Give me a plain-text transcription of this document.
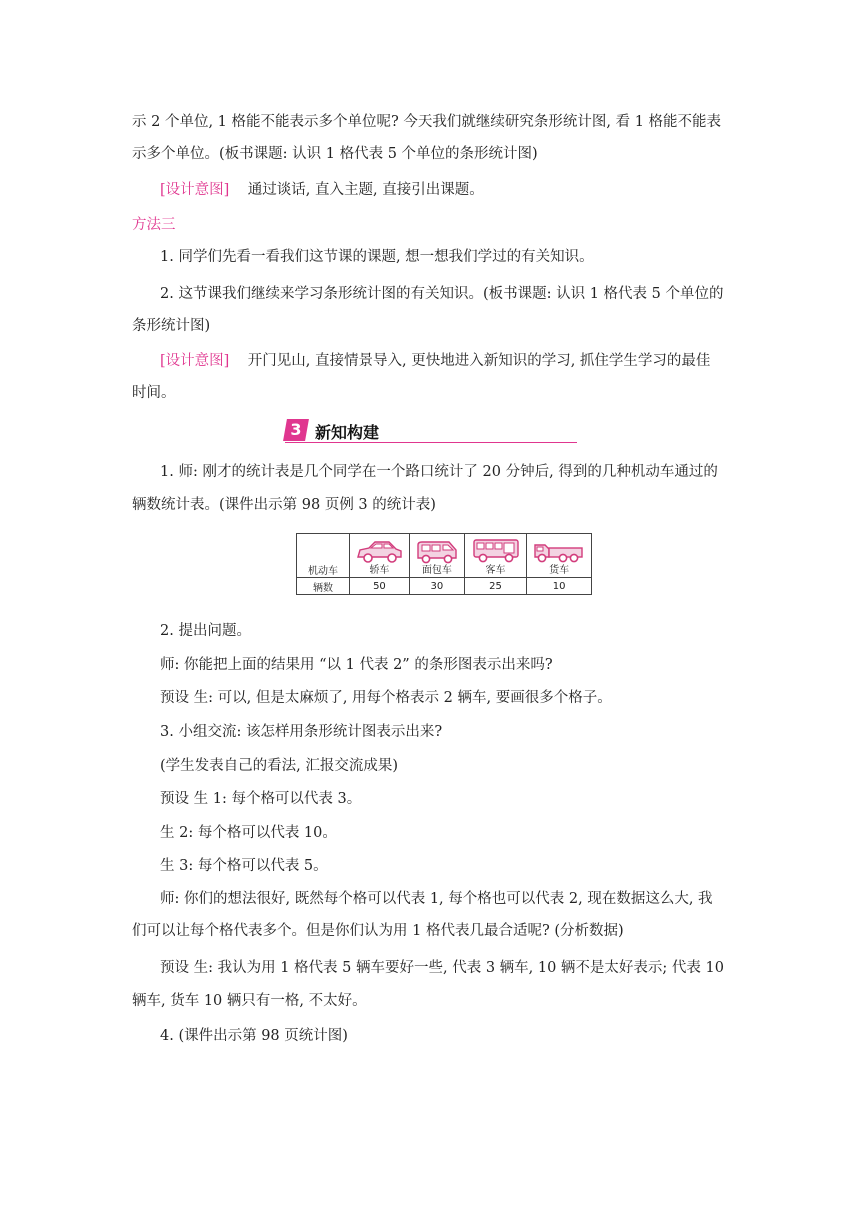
示 2 个单位, 1 格能不能表示多个单位呢? 今天我们就继续研究条形统计图, 看 1 格能不能表
示多个单位。(板书课题: 认识 1 格代表 5 个单位的条形统计图)
[设计意图] 通过谈话, 直入主题, 直接引出课题。
方法三
1. 同学们先看一看我们这节课的课题, 想一想我们学过的有关知识。
2. 这节课我们继续来学习条形统计图的有关知识。(板书课题: 认识 1 格代表 5 个单位的
条形统计图)
[设计意图] 开门见山, 直接情景导入, 更快地进入新知识的学习, 抓住学生学习的最佳
时间。
3 新知构建
1. 师: 刚才的统计表是几个同学在一个路口统计了 20 分钟后, 得到的几种机动车通过的
辆数统计表。(课件出示第 98 页例 3 的统计表)
机动车	轿车	面包车	客车	货车

辆数	50	30	25	10
2. 提出问题。
师: 你能把上面的结果用 “以 1 代表 2” 的条形图表示出来吗?
预设 生: 可以, 但是太麻烦了, 用每个格表示 2 辆车, 要画很多个格子。
3. 小组交流: 该怎样用条形统计图表示出来?
(学生发表自己的看法, 汇报交流成果)
预设 生 1: 每个格可以代表 3。
生 2: 每个格可以代表 10。
生 3: 每个格可以代表 5。
师: 你们的想法很好, 既然每个格可以代表 1, 每个格也可以代表 2, 现在数据这么大, 我
们可以让每个格代表多个。但是你们认为用 1 格代表几最合适呢? (分析数据)
预设 生: 我认为用 1 格代表 5 辆车要好一些, 代表 3 辆车, 10 辆不是太好表示; 代表 10
辆车, 货车 10 辆只有一格, 不太好。
4. (课件出示第 98 页统计图)
